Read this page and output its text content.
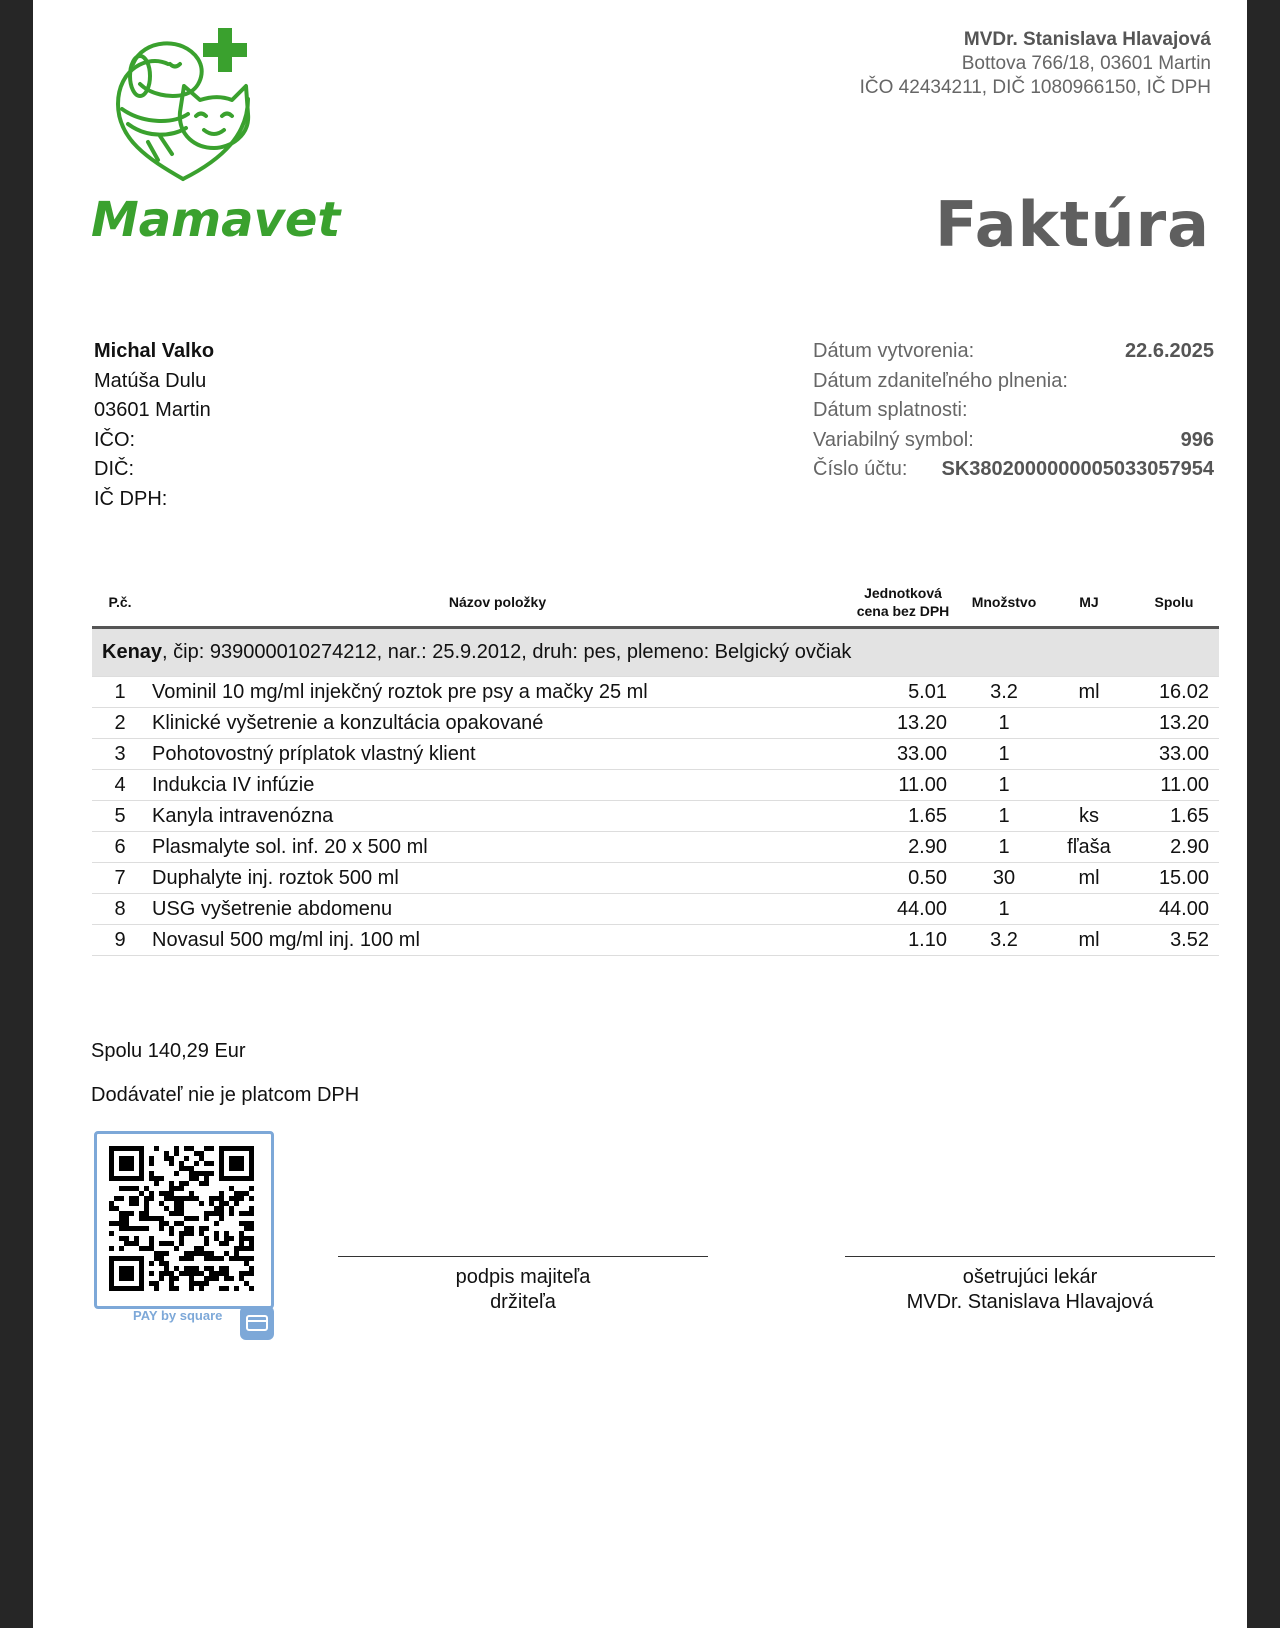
Mamavet
MVDr. Stanislava Hlavajová
Bottova 766/18, 03601 Martin
IČO 42434211, DIČ 1080966150, IČ DPH
Faktúra
Michal Valko
Matúša Dulu
03601 Martin
IČO:
DIČ:
IČ DPH:
Dátum vytvorenia:	22.6.2025
Dátum zdaniteľného plnenia:
Dátum splatnosti:
Variabilný symbol:	996
Číslo účtu: SK3802000000005033057954
P.č.	Názov položky	Jednotková cena bez DPH	Množstvo	MJ	Spolu
Kenay, čip: 939000010274212, nar.: 25.9.2012, druh: pes, plemeno: Belgický ovčiak					
1	Vominil 10 mg/ml injekčný roztok pre psy a mačky 25 ml	5.01	3.2	ml	16.02
2	Klinické vyšetrenie a konzultácia opakované	13.20	1		13.20
3	Pohotovostný príplatok vlastný klient	33.00	1		33.00
4	Indukcia IV infúzie	11.00	1		11.00
5	Kanyla intravenózna	1.65	1	ks	1.65
6	Plasmalyte sol. inf. 20 x 500 ml	2.90	1	fľaša	2.90
7	Duphalyte inj. roztok 500 ml	0.50	30	ml	15.00
8	USG vyšetrenie abdomenu	44.00	1		44.00
9	Novasul 500 mg/ml inj. 100 ml	1.10	3.2	ml	3.52
Spolu 140,29 Eur
Dodávateľ nie je platcom DPH
PAY by square
podpis majiteľa
držiteľa
ošetrujúci lekár
MVDr. Stanislava Hlavajová
